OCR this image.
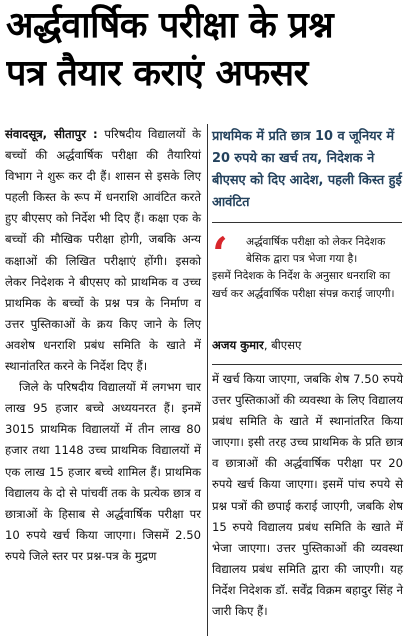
अर्द्धवार्षिक परीक्षा के प्रश्न
पत्र तैयार कराएं अफसर

संवादसूत्र, सीतापुर : परिषदीय विद्यालयों के बच्चों की अर्द्धवार्षिक परीक्षा की तैयारियां विभाग ने शुरू कर दी हैं। शासन से इसके लिए पहली किस्त के रूप में धनराशि आवंटित करते हुए बीएसए को निर्देश भी दिए हैं। कक्षा एक के बच्चों की मौखिक परीक्षा होगी, जबकि अन्य कक्षाओं की लिखित परीक्षाएं होंगी। इसको लेकर निदेशक ने बीएसए को प्राथमिक व उच्च प्राथमिक के बच्चों के प्रश्न पत्र के निर्माण व उत्तर पुस्तिकाओं के क्रय किए जाने के लिए अवशेष धनराशि प्रबंध समिति के खाते में स्थानांतरित करने के निर्देश दिए हैं।

जिले के परिषदीय विद्यालयों में लगभग चार लाख 95 हजार बच्चे अध्ययनरत हैं। इनमें 3015 प्राथमिक विद्यालयों में तीन लाख 80 हजार तथा 1148 उच्च प्राथमिक विद्यालयों में एक लाख 15 हजार बच्चे शामिल हैं। प्राथमिक विद्यालय के दो से पांचवीं तक के प्रत्येक छात्र व छात्राओं के हिसाब से अर्द्धवार्षिक परीक्षा पर 10 रुपये खर्च किया जाएगा। जिसमें 2.50 रुपये जिले स्तर पर प्रश्न-पत्र के मुद्रण

प्राथमिक में प्रति छात्र 10 व जूनियर में 20 रुपये का खर्च तय, निदेशक ने बीएसए को दिए आदेश, पहली किस्त हुई आवंटित
‘	अर्द्धवार्षिक परीक्षा को लेकर निदेशक बेसिक द्वारा पत्र भेजा गया है।
इसमें निदेशक के निर्देश के अनुसार धनराशि का खर्च कर अर्द्धवार्षिक परीक्षा संपन्न कराई जाएगी।
अजय कुमार, बीएसए

में खर्च किया जाएगा, जबकि शेष 7.50 रुपये उत्तर पुस्तिकाओं की व्यवस्था के लिए विद्यालय प्रबंध समिति के खाते में स्थानांतरित किया जाएगा। इसी तरह उच्च प्राथमिक के प्रति छात्र व छात्राओं की अर्द्धवार्षिक परीक्षा पर 20 रुपये खर्च किया जाएगा। इसमें पांच रुपये से प्रश्न पत्रों की छपाई कराई जाएगी, जबकि शेष 15 रुपये विद्यालय प्रबंध समिति के खाते में भेजा जाएगा। उत्तर पुस्तिकाओं की व्यवस्था विद्यालय प्रबंध समिति द्वारा की जाएगी। यह निर्देश निदेशक डॉ. सर्वेंद्र विक्रम बहादुर सिंह ने जारी किए हैं।
